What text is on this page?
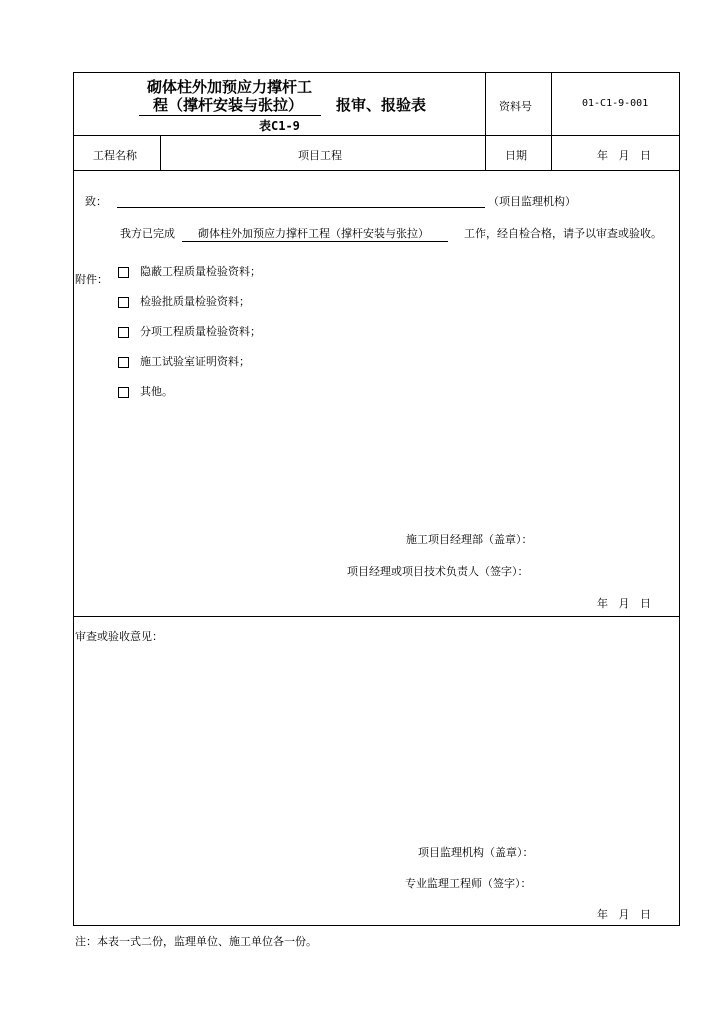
砌体柱外加预应力撑杆工
程（撑杆安装与张拉）	报审、报验表
表C1-9
资料号	01-C1-9-001
工程名称	项目工程	日期	年   月   日
致：	（项目监理机构）
我方已完成	砌体柱外加预应力撑杆工程（撑杆安装与张拉）	工作，经自检合格，请予以审查或验收。
附件：
隐蔽工程质量检验资料；
检验批质量检验资料；
分项工程质量检验资料；
施工试验室证明资料；
其他。
施工项目经理部（盖章）：
项目经理或项目技术负责人（签字）：
年   月   日
审查或验收意见：
项目监理机构（盖章）：
专业监理工程师（签字）：
年   月   日
注：本表一式二份，监理单位、施工单位各一份。
